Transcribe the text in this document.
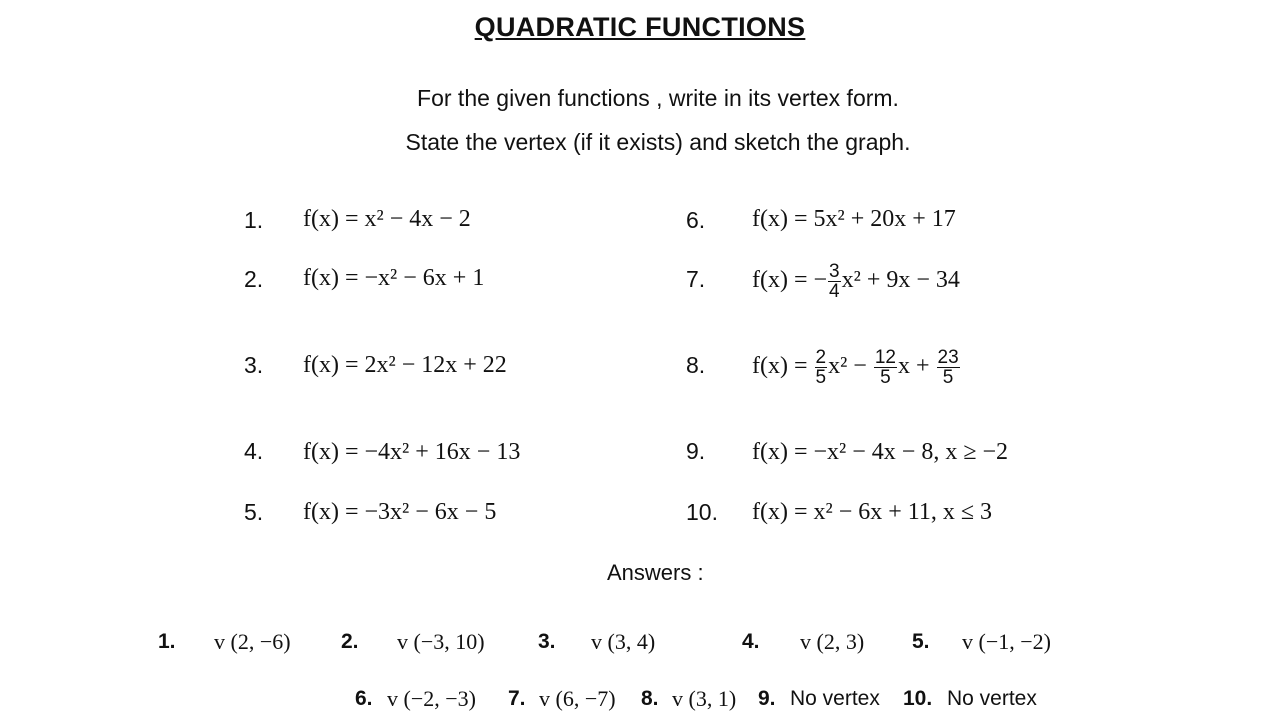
QUADRATIC FUNCTIONS
For the given functions , write in its vertex form.
State the vertex (if it exists) and sketch the graph.
1. f(x) = x² − 4x − 2
2. f(x) = −x² − 6x + 1
3. f(x) = 2x² − 12x + 22
4. f(x) = −4x² + 16x − 13
5. f(x) = −3x² − 6x − 5
6. f(x) = 5x² + 20x + 17
7. f(x) = − $\frac{3}{4} x^2 + 9x - 34$
8. $f(x) = \frac{2}{5} x^2 - \frac{12}{5}$ $x + \frac{23}{5}$
9. f(x) = −x² − 4x − 8, x ≥ −2
10. f(x) = x² − 6x + 11, x ≤ 3
Answers :
1. v (2, −6) 2. v (−3, 10)	3. v (3, 4)	4. v (2, 3) 5. v (−1, −2)
6. v (−2, −3) 7. v (6, −7) 8. v (3, 1) 9. No vertex 10. No vertex
